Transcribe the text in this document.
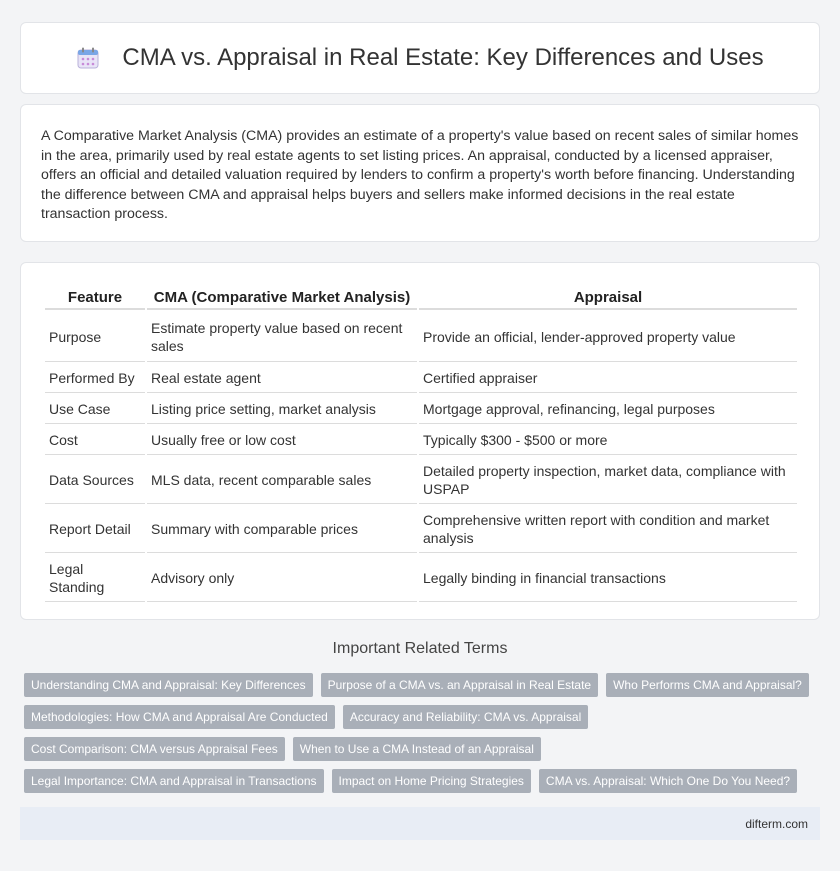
CMA vs. Appraisal in Real Estate: Key Differences and Uses

A Comparative Market Analysis (CMA) provides an estimate of a property's value based on recent sales of similar homes in the area, primarily used by real estate agents to set listing prices. An appraisal, conducted by a licensed appraiser, offers an official and detailed valuation required by lenders to confirm a property's worth before financing. Understanding the difference between CMA and appraisal helps buyers and sellers make informed decisions in the real estate transaction process.

Feature	CMA (Comparative Market Analysis)	Appraisal
Purpose	Estimate property value based on recent sales	Provide an official, lender-approved property value
Performed By	Real estate agent	Certified appraiser
Use Case	Listing price setting, market analysis	Mortgage approval, refinancing, legal purposes
Cost	Usually free or low cost	Typically $300 - $500 or more
Data Sources	MLS data, recent comparable sales	Detailed property inspection, market data, compliance with USPAP
Report Detail	Summary with comparable prices	Comprehensive written report with condition and market analysis
Legal Standing	Advisory only	Legally binding in financial transactions
Important Related Terms
Understanding CMA and Appraisal: Key Differences	Purpose of a CMA vs. an Appraisal in Real Estate	Who Performs CMA and Appraisal?
Methodologies: How CMA and Appraisal Are Conducted	Accuracy and Reliability: CMA vs. Appraisal
Cost Comparison: CMA versus Appraisal Fees	When to Use a CMA Instead of an Appraisal
Legal Importance: CMA and Appraisal in Transactions	Impact on Home Pricing Strategies	CMA vs. Appraisal: Which One Do You Need?
difterm.com
